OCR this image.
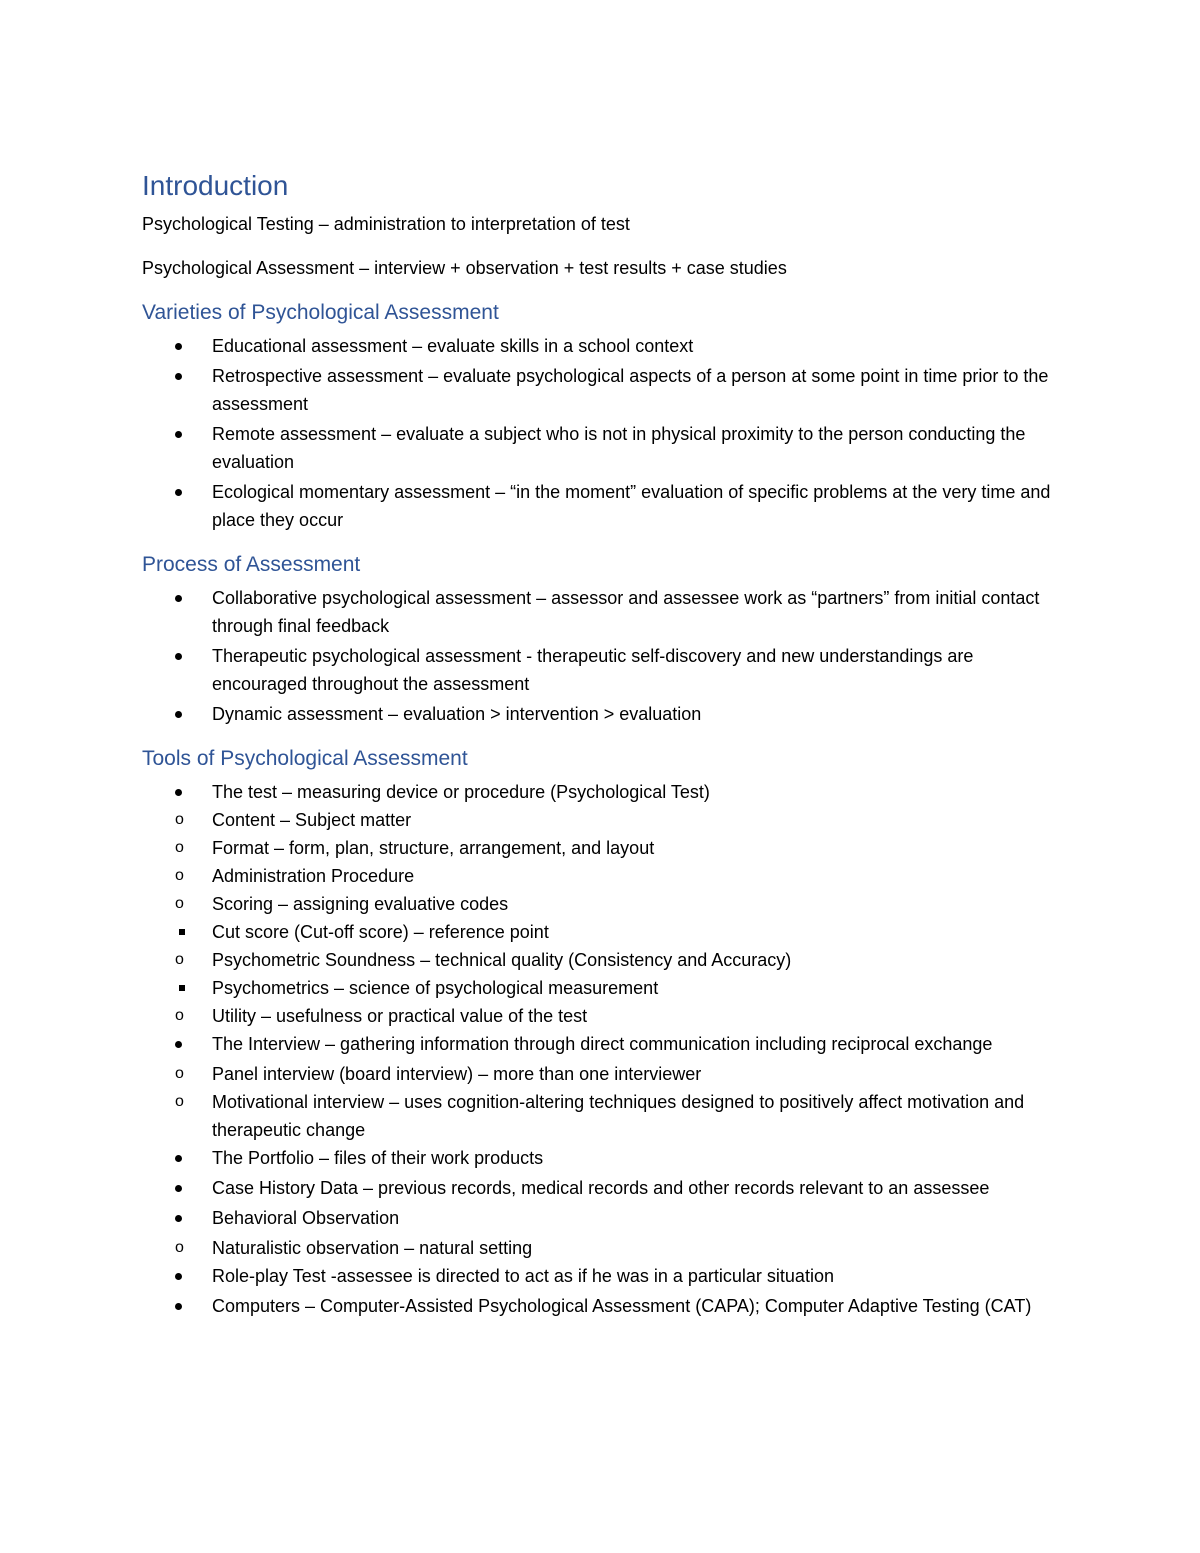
Introduction

Psychological Testing – administration to interpretation of test

Psychological Assessment – interview + observation + test results + case studies

Varieties of Psychological Assessment
Educational assessment – evaluate skills in a school context
Retrospective assessment – evaluate psychological aspects of a person at some point in time prior to the assessment
Remote assessment – evaluate a subject who is not in physical proximity to the person conducting the evaluation
Ecological momentary assessment – “in the moment” evaluation of specific problems at the very time and place they occur
Process of Assessment
Collaborative psychological assessment – assessor and assessee work as “partners” from initial contact through final feedback
Therapeutic psychological assessment - therapeutic self-discovery and new understandings are encouraged throughout the assessment
Dynamic assessment – evaluation > intervention > evaluation
Tools of Psychological Assessment
The test – measuring device or procedure (Psychological Test)
o Content – Subject matter
o Format – form, plan, structure, arrangement, and layout
o Administration Procedure
o Scoring – assigning evaluative codes
Cut score (Cut-off score) – reference point
o Psychometric Soundness – technical quality (Consistency and Accuracy)
Psychometrics – science of psychological measurement
o Utility – usefulness or practical value of the test
The Interview – gathering information through direct communication including reciprocal exchange
o Panel interview (board interview) – more than one interviewer
o Motivational interview – uses cognition-altering techniques designed to positively affect motivation and therapeutic change
The Portfolio – files of their work products
Case History Data – previous records, medical records and other records relevant to an assessee
Behavioral Observation
o Naturalistic observation – natural setting
Role-play Test -assessee is directed to act as if he was in a particular situation
Computers – Computer-Assisted Psychological Assessment (CAPA); Computer Adaptive Testing (CAT)
